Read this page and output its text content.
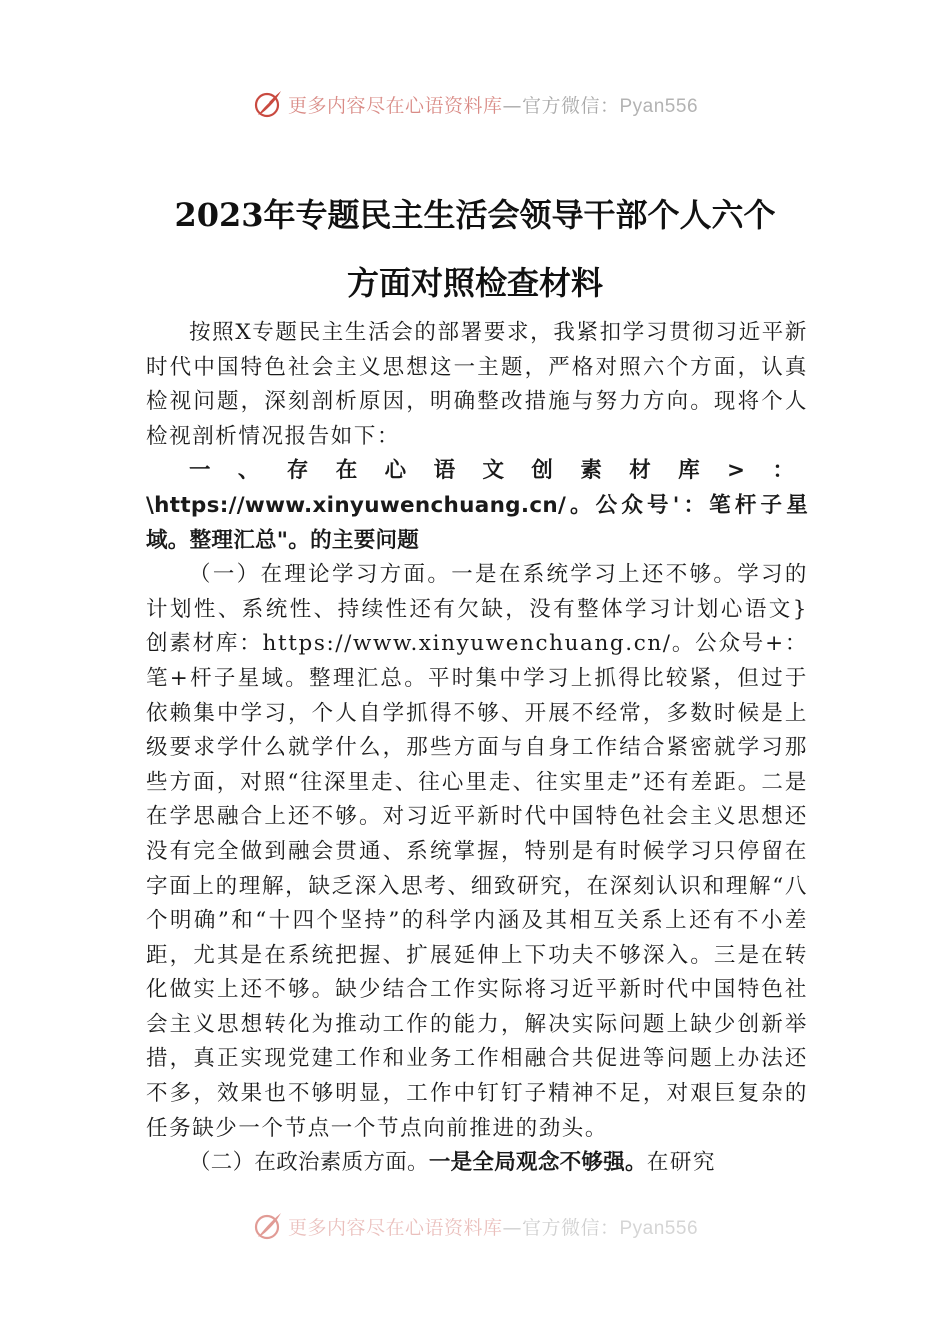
更多内容尽在心语资料库—官方微信：Pyan556
2023年专题民主生活会领导干部个人六个
方面对照检查材料

按照X专题民主生活会的部署要求，我紧扣学习贯彻习近平新时代中国特色社会主义思想这一主题，严格对照六个方面，认真检视问题，深刻剖析原因，明确整改措施与努力方向。现将个人检视剖析情况报告如下：

一、存在心语文创素材库>：\https://www.xinyuwenchuang.cn/。公众号'：笔杆子星域。整理汇总"。的主要问题

（一）在理论学习方面。一是在系统学习上还不够。学习的计划性、系统性、持续性还有欠缺，没有整体学习计划心语文}创素材库：https://www.xinyuwenchuang.cn/。公众号+：笔+杆子星域。整理汇总。平时集中学习上抓得比较紧，但过于依赖集中学习，个人自学抓得不够、开展不经常，多数时候是上级要求学什么就学什么，那些方面与自身工作结合紧密就学习那些方面，对照“往深里走、往心里走、往实里走”还有差距。二是在学思融合上还不够。对习近平新时代中国特色社会主义思想还没有完全做到融会贯通、系统掌握，特别是有时候学习只停留在字面上的理解，缺乏深入思考、细致研究，在深刻认识和理解“八个明确”和“十四个坚持”的科学内涵及其相互关系上还有不小差距，尤其是在系统把握、扩展延伸上下功夫不够深入。三是在转化做实上还不够。缺少结合工作实际将习近平新时代中国特色社会主义思想转化为推动工作的能力，解决实际问题上缺少创新举措，真正实现党建工作和业务工作相融合共促进等问题上办法还不多，效果也不够明显，工作中钉钉子精神不足，对艰巨复杂的任务缺少一个节点一个节点向前推进的劲头。

（二）在政治素质方面。一是全局观念不够强。在研究

更多内容尽在心语资料库—官方微信：Pyan556
